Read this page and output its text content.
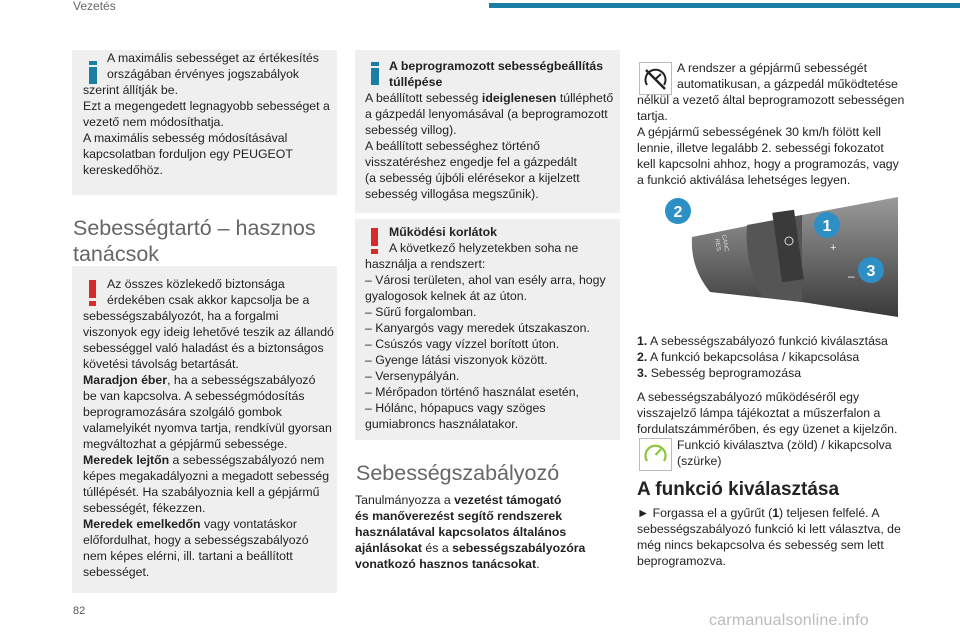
Vezetés
A maximális sebességet az értékesítés
országában érvényes jogszabályok
szerint állítják be.
Ezt a megengedett legnagyobb sebességet a
vezető nem módosíthatja.
A maximális sebesség módosításával
kapcsolatban forduljon egy PEUGEOT
kereskedőhöz.
Sebességtartó – hasznos
tanácsok
Az összes közlekedő biztonsága
érdekében csak akkor kapcsolja be a
sebességszabályozót, ha a forgalmi
viszonyok egy ideig lehetővé teszik az állandó
sebességgel való haladást és a biztonságos
követési távolság betartását.
Maradjon éber, ha a sebességszabályozó
be van kapcsolva. A sebességmódosítás
beprogramozására szolgáló gombok
valamelyikét nyomva tartja, rendkívül gyorsan
megváltozhat a gépjármű sebessége.
Meredek lejtőn a sebességszabályozó nem
képes megakadályozni a megadott sebesség
túllépését. Ha szabályoznia kell a gépjármű
sebességét, fékezzen.
Meredek emelkedőn vagy vontatáskor
előfordulhat, hogy a sebességszabályozó
nem képes elérni, ill. tartani a beállított
sebességet.
A beprogramozott sebességbeállítás
túllépése
A beállított sebesség ideiglenesen túlléphető
a gázpedál lenyomásával (a beprogramozott
sebesség villog).
A beállított sebességhez történő
visszatéréshez engedje fel a gázpedált
(a sebesség újbóli elérésekor a kijelzett
sebesség villogása megszűnik).
Működési korlátok
A következő helyzetekben soha ne
használja a rendszert:
– Városi területen, ahol van esély arra, hogy
gyalogosok kelnek át az úton.
– Sűrű forgalomban.
– Kanyargós vagy meredek útszakaszon.
– Csúszós vagy vízzel borított úton.
– Gyenge látási viszonyok között.
– Versenypályán.
– Mérőpadon történő használat esetén,
– Hólánc, hópapucs vagy szöges
gumiabroncs használatakor.
Sebességszabályozó
Tanulmányozza a vezetést támogató
és manőverezést segítő rendszerek
használatával kapcsolatos általános
ajánlásokat és a sebességszabályozóra
vonatkozó hasznos tanácsokat.
A rendszer a gépjármű sebességét
automatikusan, a gázpedál működtetése
nélkül a vezető által beprogramozott sebességen
tartja.
A gépjármű sebességének 30 km/h fölött kell
lennie, illetve legalább 2. sebességi fokozatot
kell kapcsolni ahhoz, hogy a programozás, vagy
a funkció aktiválása lehetséges legyen.
CANC
RES	+
–
2
1
3
1. A sebességszabályozó funkció kiválasztása
2. A funkció bekapcsolása / kikapcsolása
3. Sebesség beprogramozása
A sebességszabályozó működéséről egy
visszajelző lámpa tájékoztat a műszerfalon a
fordulatszámmérőben, és egy üzenet a kijelzőn.
Funkció kiválasztva (zöld) / kikapcsolva
(szürke)
A funkció kiválasztása
► Forgassa el a gyűrűt (1) teljesen felfelé. A
sebességszabályozó funkció ki lett választva, de
még nincs bekapcsolva és sebesség sem lett
beprogramozva.
82
carmanualsonline.info
